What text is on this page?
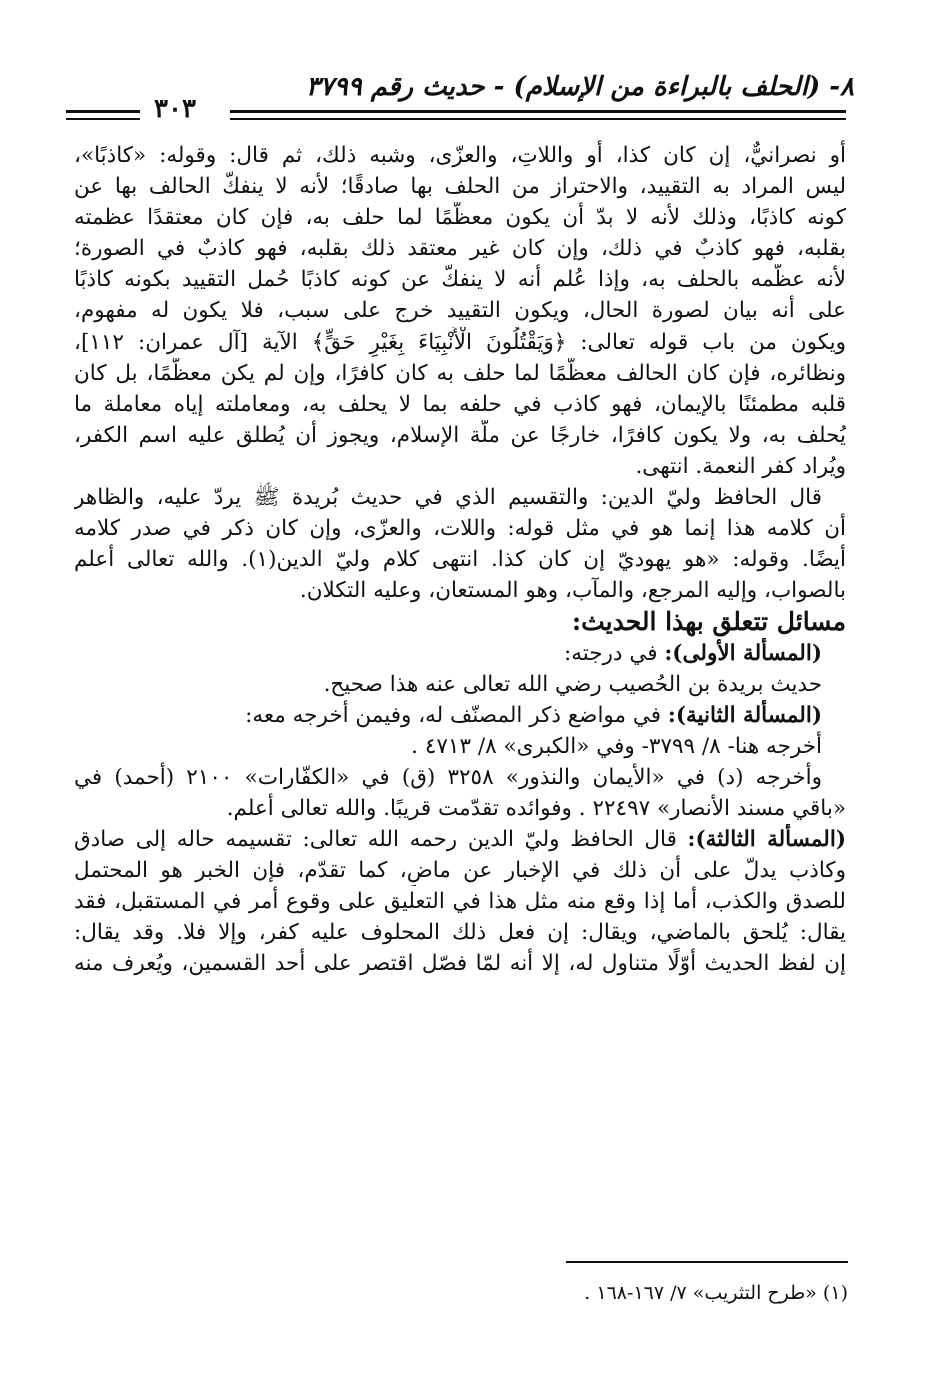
٨- (الحلف بالبراءة من الإسلام) - حديث رقم ٣٧٩٩
٣٠٣
أو نصرانيٌّ، إن كان كذا، أو واللاتِ، والعزّى، وشبه ذلك، ثم قال: وقوله: «كاذبًا»،
ليس المراد به التقييد، والاحتراز من الحلف بها صادقًا؛ لأنه لا ينفكّ الحالف بها عن
كونه كاذبًا، وذلك لأنه لا بدّ أن يكون معظّمًا لما حلف به، فإن كان معتقدًا عظمته
بقلبه، فهو كاذبٌ في ذلك، وإن كان غير معتقد ذلك بقلبه، فهو كاذبٌ في الصورة؛
لأنه عظّمه بالحلف به، وإذا عُلم أنه لا ينفكّ عن كونه كاذبًا حُمل التقييد بكونه كاذبًا
على أنه بيان لصورة الحال، ويكون التقييد خرج على سبب، فلا يكون له مفهوم،
ويكون من باب قوله تعالى: ﴿وَيَقْتُلُونَ الْأَنْبِيَاءَ بِغَيْرِ حَقٍّ﴾ الآية [آل عمران: ١١٢]،
ونظائره، فإن كان الحالف معظّمًا لما حلف به كان كافرًا، وإن لم يكن معظّمًا، بل كان
قلبه مطمئنًا بالإيمان، فهو كاذب في حلفه بما لا يحلف به، ومعاملته إياه معاملة ما
يُحلف به، ولا يكون كافرًا، خارجًا عن ملّة الإسلام، ويجوز أن يُطلق عليه اسم الكفر،
ويُراد كفر النعمة. انتهى.
قال الحافظ وليّ الدين: والتقسيم الذي في حديث بُريدة ﷺ يردّ عليه، والظاهر
أن كلامه هذا إنما هو في مثل قوله: واللات، والعزّى، وإن كان ذكر في صدر كلامه
أيضًا. وقوله: «هو يهوديّ إن كان كذا. انتهى كلام وليّ الدين(١). والله تعالى أعلم
بالصواب، وإليه المرجع، والمآب، وهو المستعان، وعليه التكلان.
مسائل تتعلق بهذا الحديث:
(المسألة الأولى): في درجته:
حديث بريدة بن الحُصيب رضي الله تعالى عنه هذا صحيح.
(المسألة الثانية): في مواضع ذكر المصنّف له، وفيمن أخرجه معه:
أخرجه هنا- ٨/ ٣٧٩٩- وفي «الكبرى» ٨/ ٤٧١٣ .
وأخرجه (د) في «الأيمان والنذور» ٣٢٥٨ (ق) في «الكفّارات» ٢١٠٠ (أحمد) في
«باقي مسند الأنصار» ٢٢٤٩٧ . وفوائده تقدّمت قريبًا. والله تعالى أعلم.
(المسألة الثالثة): قال الحافظ وليّ الدين رحمه الله تعالى: تقسيمه حاله إلى صادق
وكاذب يدلّ على أن ذلك في الإخبار عن ماضٍ، كما تقدّم، فإن الخبر هو المحتمل
للصدق والكذب، أما إذا وقع منه مثل هذا في التعليق على وقوع أمر في المستقبل، فقد
يقال: يُلحق بالماضي، ويقال: إن فعل ذلك المحلوف عليه كفر، وإلا فلا. وقد يقال:
إن لفظ الحديث أوّلًا متناول له، إلا أنه لمّا فصّل اقتصر على أحد القسمين، ويُعرف منه
(١) «طرح التثريب» ٧/ ١٦٧-١٦٨ .
